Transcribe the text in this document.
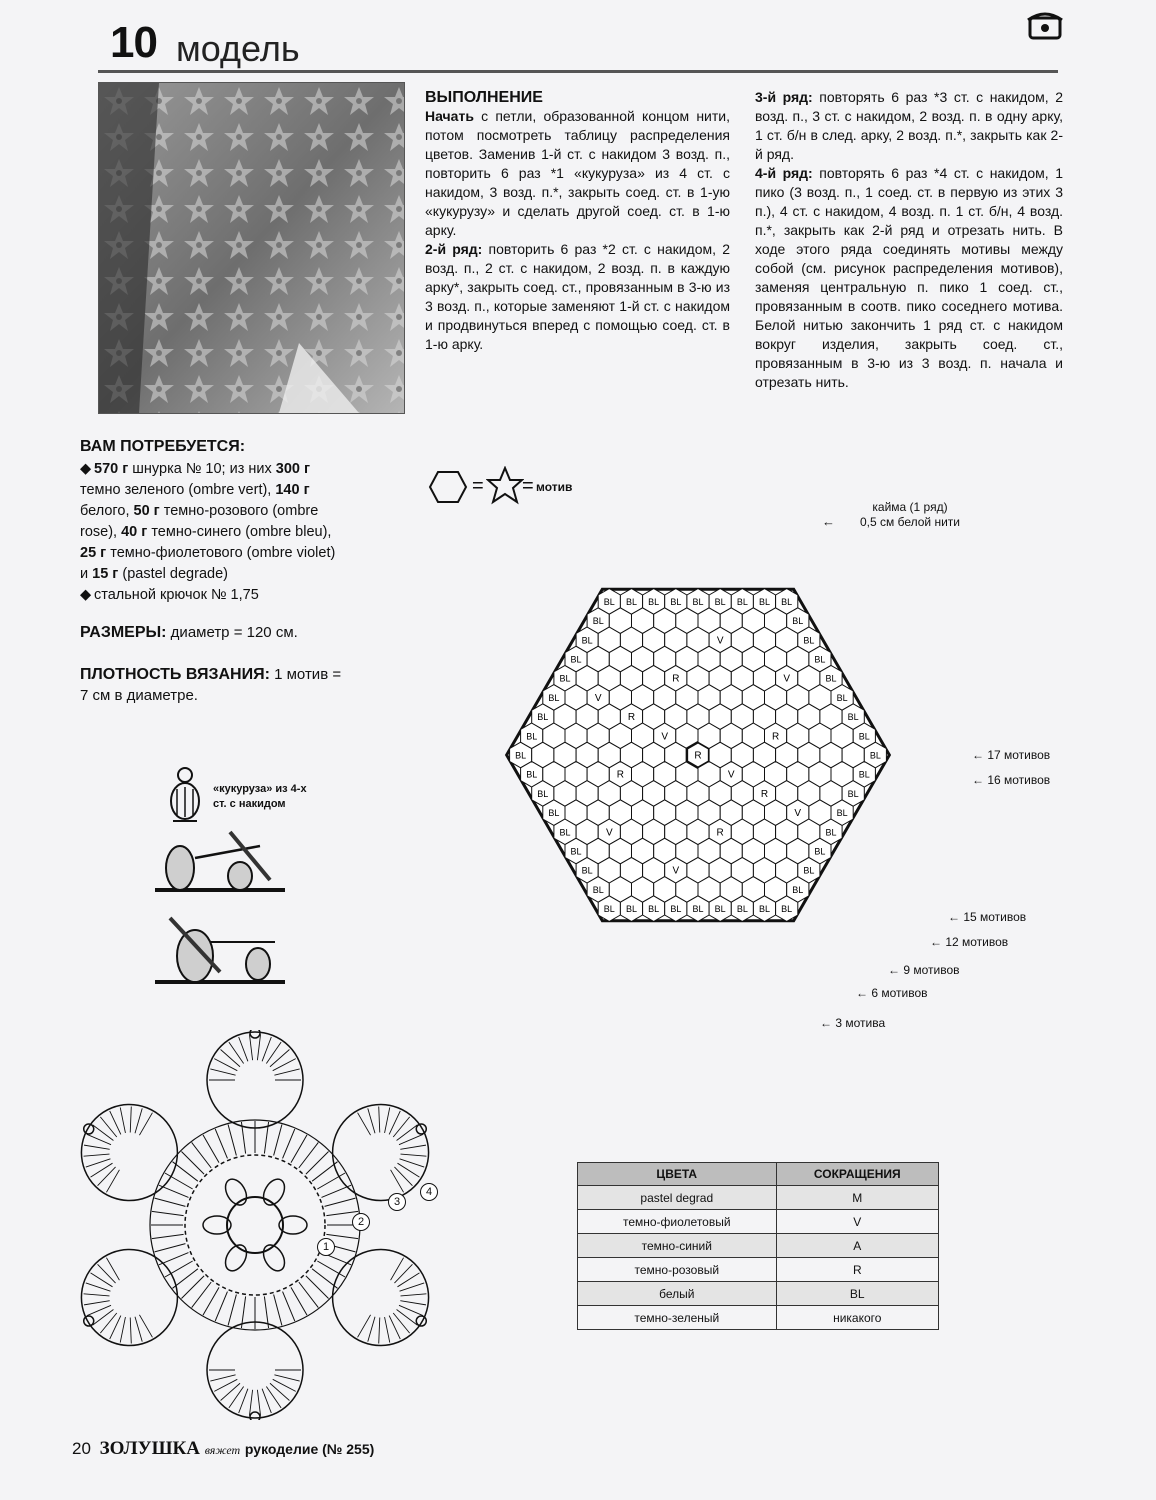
10 модель

ВЫПОЛНЕНИЕ

Начать с петли, образованной концом нити, потом посмотреть таблицу распределения цветов. Заменив 1-й ст. с накидом 3 возд. п., повторить 6 раз *1 «кукуруза» из 4 ст. с накидом, 3 возд. п.*, закрыть соед. ст. в 1-ую «кукурузу» и сделать другой соед. ст. в 1-ю арку.

2-й ряд: повторить 6 раз *2 ст. с накидом, 2 возд. п., 2 ст. с накидом, 2 возд. п. в каждую арку*, закрыть соед. ст., провязанным в 3-ю из 3 возд. п., которые заменяют 1-й ст. с накидом и продвинуться вперед с помощью соед. ст. в 1-ю арку.

3-й ряд: повторять 6 раз *3 ст. с накидом, 2 возд. п., 3 ст. с накидом, 2 возд. п. в одну арку, 1 ст. б/н в след. арку, 2 возд. п.*, закрыть как 2-й ряд.

4-й ряд: повторять 6 раз *4 ст. с накидом, 1 пико (3 возд. п., 1 соед. ст. в первую из этих 3 п.), 4 ст. с накидом, 4 возд. п. 1 ст. б/н, 4 возд. п.*, закрыть как 2-й ряд и отрезать нить. В ходе этого ряда соединять мотивы между собой (см. рисунок распределения мотивов), заменяя центральную п. пико 1 соед. ст., провязанным в соотв. пико соседнего мотива. Белой нитью закончить 1 ряд ст. с накидом вокруг изделия, закрыть соед. ст., провязанным в 3-ю из 3 возд. п. начала и отрезать нить.

ВАМ ПОТРЕБУЕТСЯ:
◆ 570 г шнурка № 10; из них 300 г
темно зеленого (ombre vert), 140 г
белого, 50 г темно-розового (ombre
rose), 40 г темно-синего (ombre bleu),
25 г темно-фиолетового (ombre violet)
и 15 г (pastel degrade)
◆ стальной крючок № 1,75
РАЗМЕРЫ: диаметр = 120 см.
ПЛОТНОСТЬ ВЯЗАНИЯ: 1 мотив =
7 см в диаметре.
«кукуруза» из 4-х
ст. с накидом
1
2
3
4
= = мотив
кайма (1 ряд)
0,5 см белой нити
←
BL
BL
BL
BL
BL
BL
BL
BL
BL
BL
BL
BL
V
BL
BL
BL
BL
R
V
BL
BL
V
BL
BL
R
BL
BL
V
R
BL
BL
R
BL
BL
R
V
BL
BL
R
BL
BL
V
BL
BL
V
R
BL
BL
BL
BL
V
BL
BL
BL
BL
BL
BL
BL
BL
BL
BL
BL
BL	← 17 мотивов
← 16 мотивов
← 15 мотивов
← 12 мотивов
← 9 мотивов
← 6 мотивов
← 3 мотива
ЦВЕТА	СОКРАЩЕНИЯ
pastel degrad	M
темно-фиолетовый	V
темно-синий	A
темно-розовый	R
белый	BL
темно-зеленый	никакого
20 ЗОЛУШКА вяжет рукоделие (№ 255)
